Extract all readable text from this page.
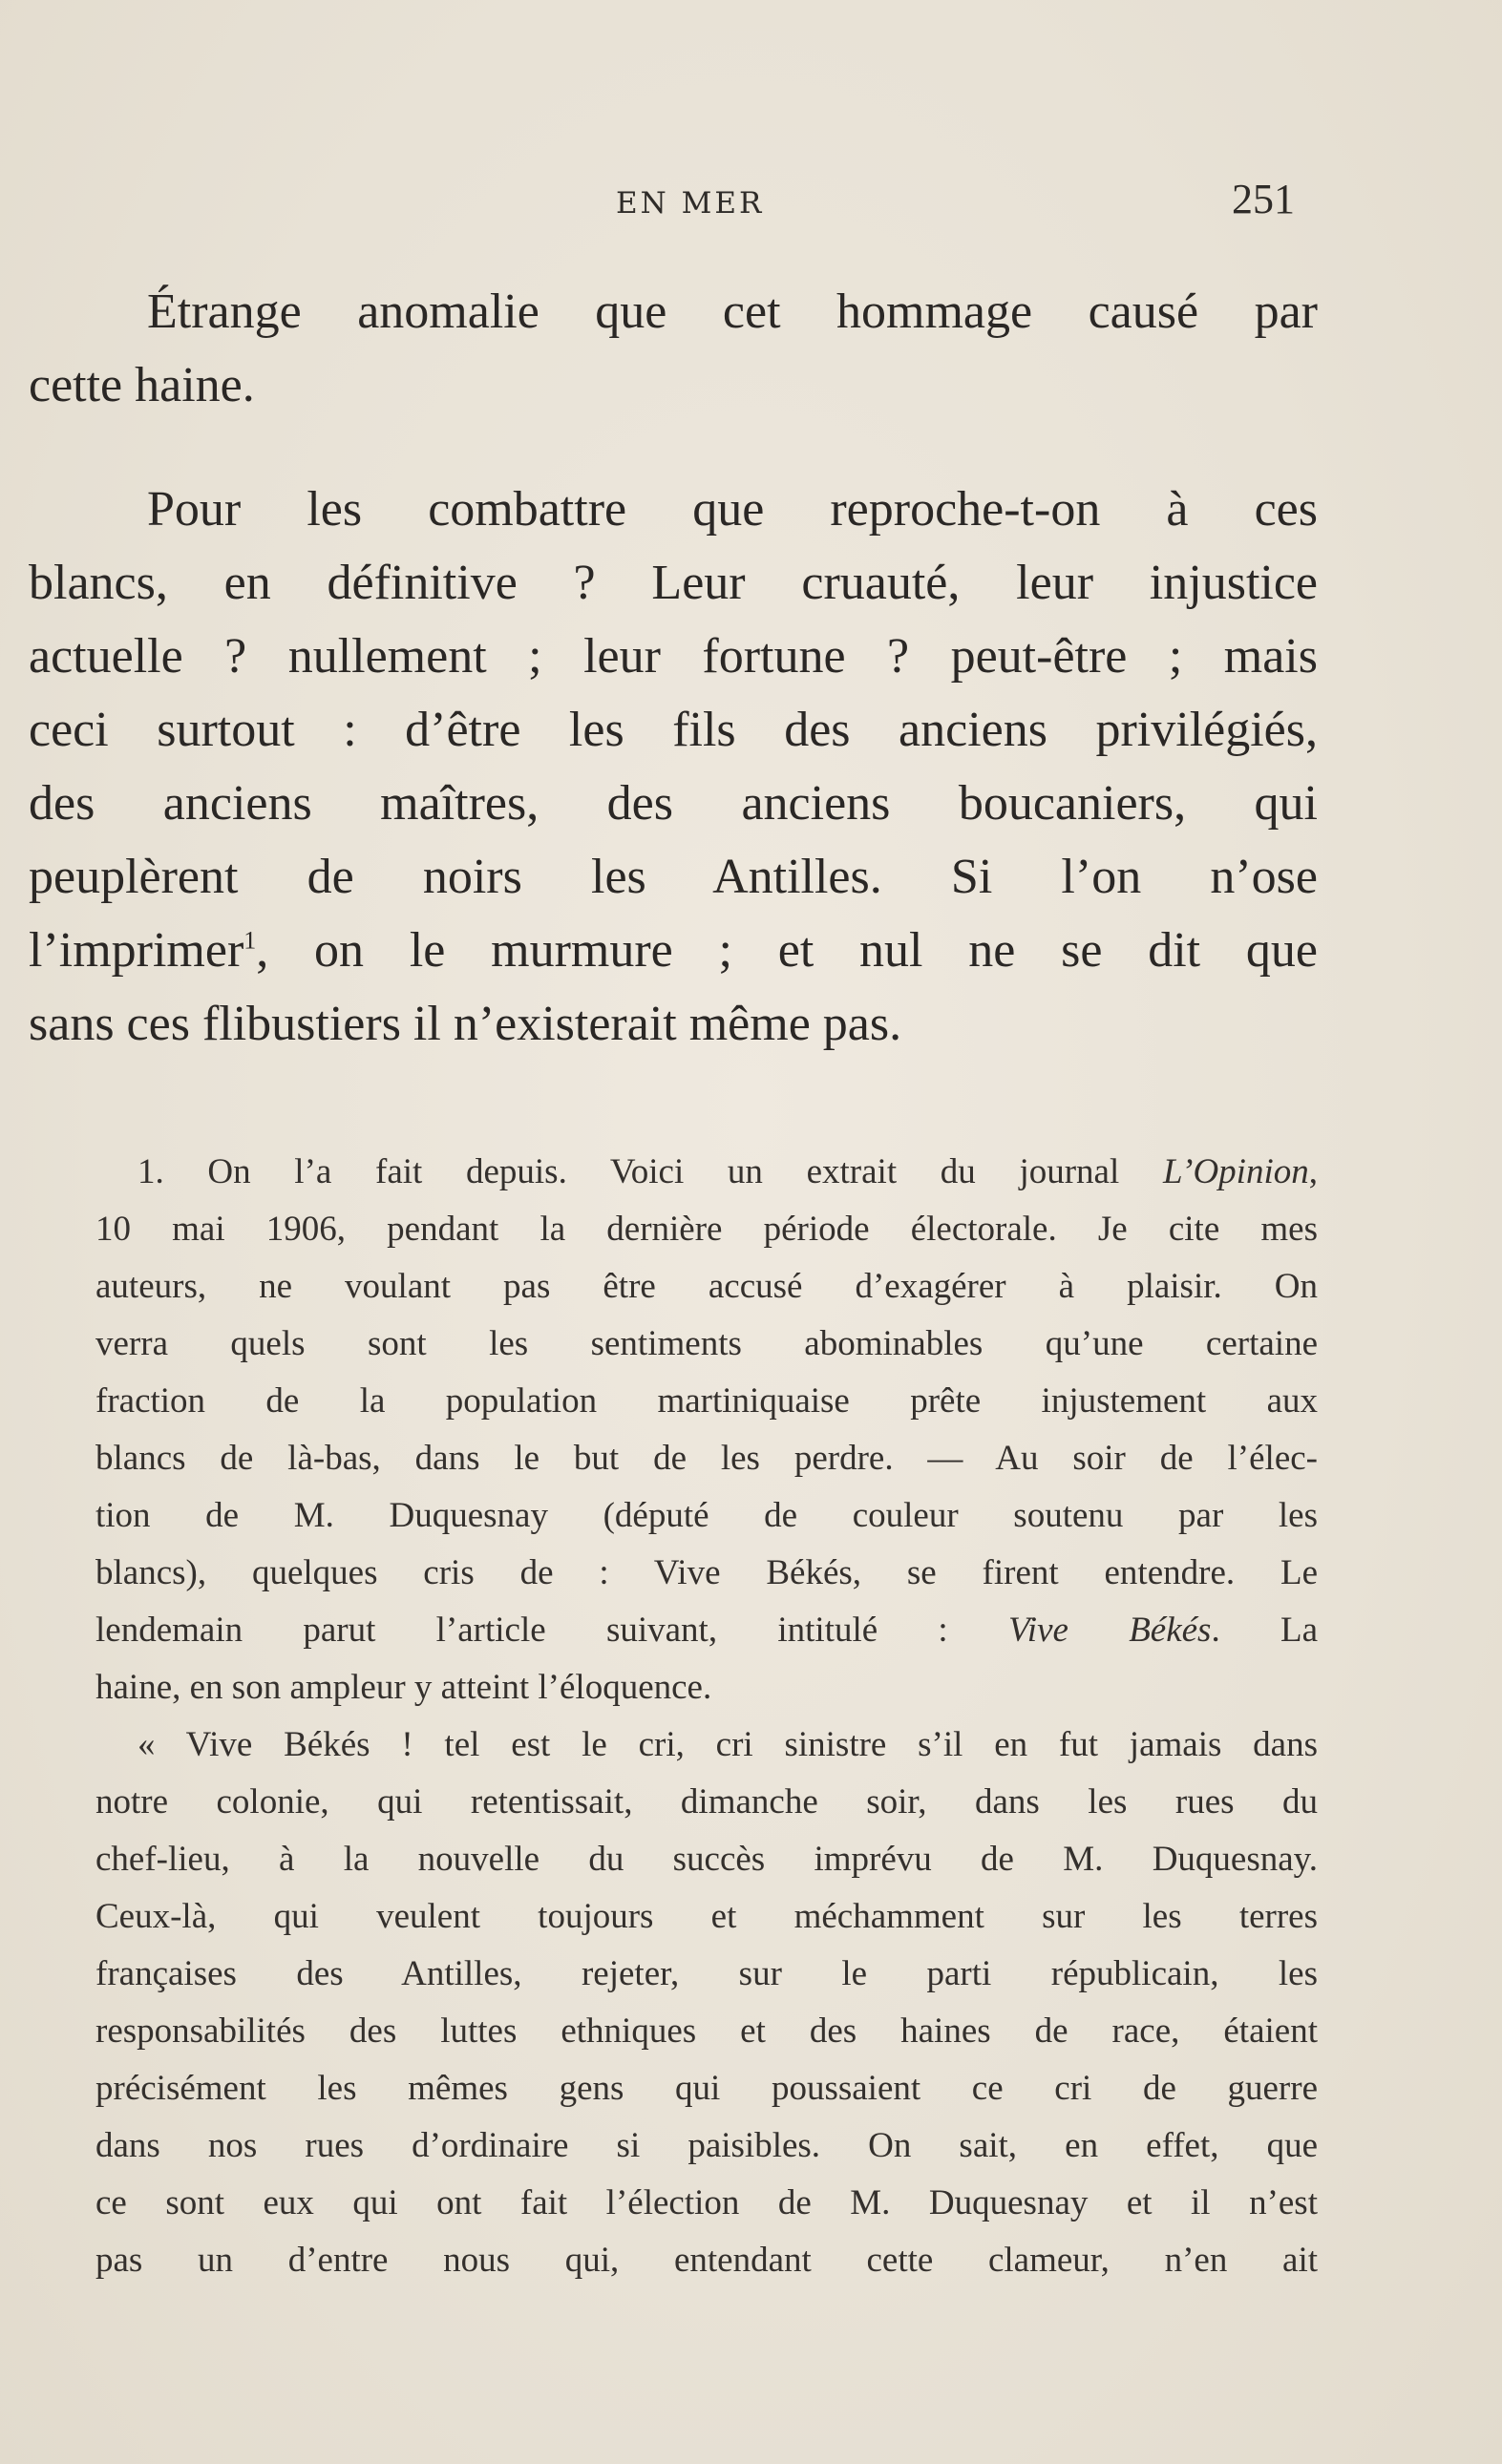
EN MER	251

Étrange anomalie que cet hommage causé par
cette haine.

Pour les combattre que reproche-t-on à ces
blancs, en définitive ? Leur cruauté, leur injustice
actuelle ? nullement ; leur fortune ? peut-être ; mais
ceci surtout : d’être les fils des anciens privilégiés,
des anciens maîtres, des anciens boucaniers, qui
peuplèrent de noirs les Antilles. Si l’on n’ose
l’imprimer$^1$, on le murmure ; et nul ne se dit que
sans ces flibustiers il n’existerait même pas.

1. On l’a fait depuis. Voici un extrait du journal L’Opinion,
10 mai 1906, pendant la dernière période électorale. Je cite mes
auteurs, ne voulant pas être accusé d’exagérer à plaisir. On
verra quels sont les sentiments abominables qu’une certaine
fraction de la population martiniquaise prête injustement aux
blancs de là-bas, dans le but de les perdre. — Au soir de l’élec-
tion de M. Duquesnay (député de couleur soutenu par les
blancs), quelques cris de : Vive Békés, se firent entendre. Le
lendemain parut l’article suivant, intitulé : Vive Békés. La
haine, en son ampleur y atteint l’éloquence.

« Vive Békés ! tel est le cri, cri sinistre s’il en fut jamais dans
notre colonie, qui retentissait, dimanche soir, dans les rues du
chef-lieu, à la nouvelle du succès imprévu de M. Duquesnay.
Ceux-là, qui veulent toujours et méchamment sur les terres
françaises des Antilles, rejeter, sur le parti républicain, les
responsabilités des luttes ethniques et des haines de race, étaient
précisément les mêmes gens qui poussaient ce cri de guerre
dans nos rues d’ordinaire si paisibles. On sait, en effet, que
ce sont eux qui ont fait l’élection de M. Duquesnay et il n’est
pas un d’entre nous qui, entendant cette clameur, n’en ait
